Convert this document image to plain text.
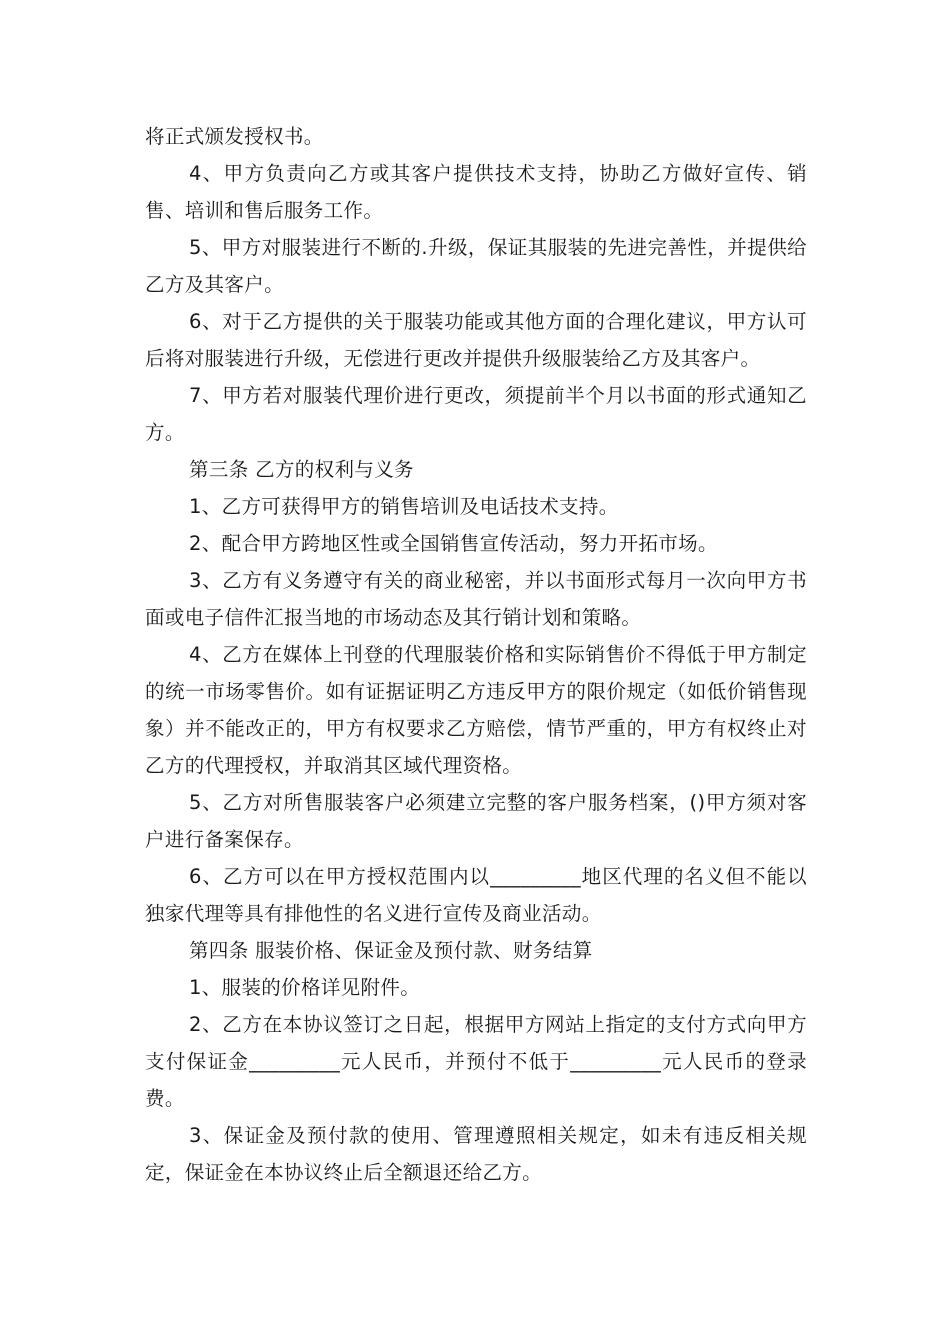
将正式颁发授权书。

4、甲方负责向乙方或其客户提供技术支持，协助乙方做好宣传、销售、培训和售后服务工作。

5、甲方对服装进行不断的.升级，保证其服装的先进完善性，并提供给乙方及其客户。

6、对于乙方提供的关于服装功能或其他方面的合理化建议，甲方认可后将对服装进行升级，无偿进行更改并提供升级服装给乙方及其客户。

7、甲方若对服装代理价进行更改，须提前半个月以书面的形式通知乙方。

第三条 乙方的权利与义务

1、乙方可获得甲方的销售培训及电话技术支持。

2、配合甲方跨地区性或全国销售宣传活动，努力开拓市场。

3、乙方有义务遵守有关的商业秘密，并以书面形式每月一次向甲方书面或电子信件汇报当地的市场动态及其行销计划和策略。

4、乙方在媒体上刊登的代理服装价格和实际销售价不得低于甲方制定的统一市场零售价。如有证据证明乙方违反甲方的限价规定（如低价销售现象）并不能改正的，甲方有权要求乙方赔偿，情节严重的，甲方有权终止对乙方的代理授权，并取消其区域代理资格。

5、乙方对所售服装客户必须建立完整的客户服务档案，()甲方须对客户进行备案保存。

6、乙方可以在甲方授权范围内以_________地区代理的名义但不能以独家代理等具有排他性的名义进行宣传及商业活动。

第四条 服装价格、保证金及预付款、财务结算

1、服装的价格详见附件。

2、乙方在本协议签订之日起，根据甲方网站上指定的支付方式向甲方支付保证金_________元人民币，并预付不低于_________元人民币的登录费。

3、保证金及预付款的使用、管理遵照相关规定，如未有违反相关规定，保证金在本协议终止后全额退还给乙方。
